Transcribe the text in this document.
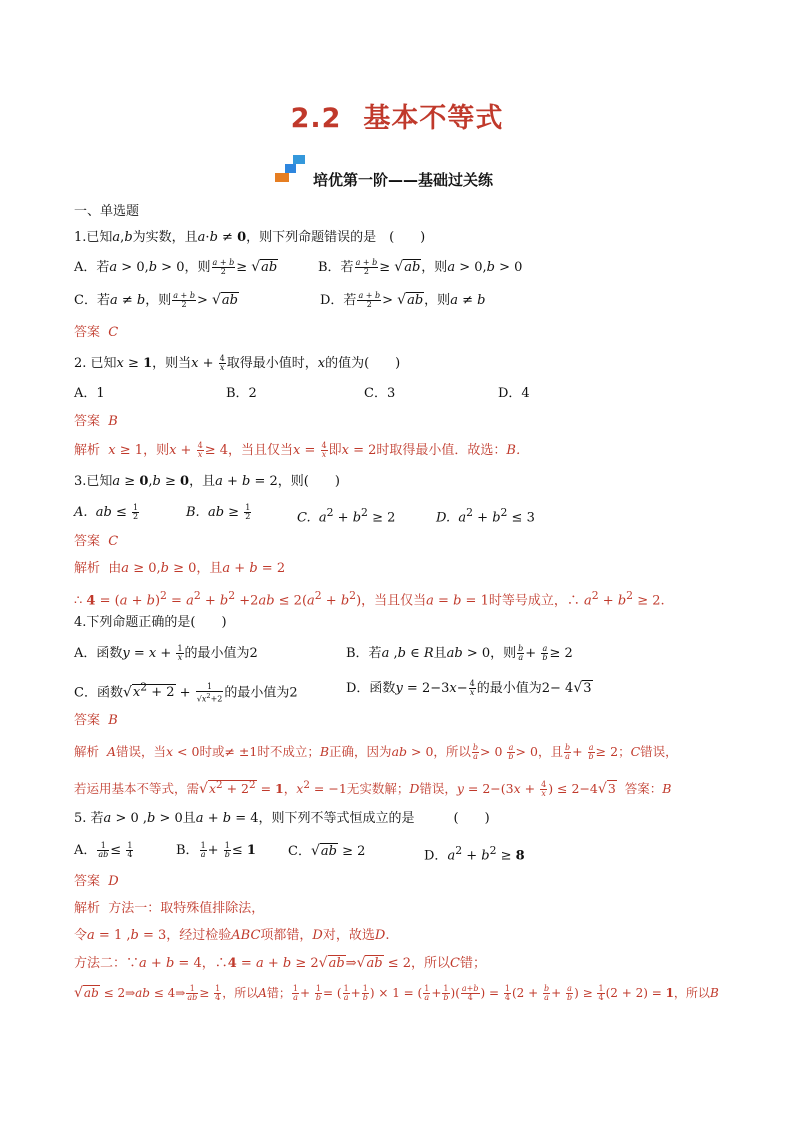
2.2 基本不等式
培优第一阶——基础过关练
一、单选题
1.已知a,b为实数，且a·b ≠ 0，则下列命题错误的是　(　　)
A．若a > 0,b > 0，则 $\frac{a + b}{2} \ge √ab$	B．若 $\frac{a + b}{2} \ge √ab$，则a > 0,b > 0
C．若a ≠ b，则 $\frac{a + b}{2} > √ab$	D．若 $\frac{a + b}{2} > √ab$，则a ≠ b
答案 C
2. 已知x ≥ 1，则当$x + \frac{4}{x}$ 取得最小值时，x的值为(　　)
A．1	B．2	C．3	D．4
答案 B
解析 x ≥ 1，则$x + \frac{4}{x} \ge 4$，当且仅当$x = \frac{4}{x}$ 即x = 2时取得最小值．故选：B．
3.已知a ≥ 0,b ≥ 0，且a + b = 2，则(　　)
A. ab ≤ $\frac{1}{2}$	B. ab ≥ $\frac{1}{2}$	C. $a^2 + b^2 \ge 2$	D. $a^2 + b^2 \le 3$
答案 C
解析 由a ≥ 0,b ≥ 0，且a + b = 2
∴ $4 = (a + b)^2 = a^2 + b^2 +2ab \le 2(a^2 + b^2)$，当且仅当a = b = 1时等号成立，∴ $a^2 + b^2 \ge 2$.
4.下列命题正确的是(　　)
A．函数$y = x + \frac{1}{x}$ 的最小值为2	B．若a ,b ∈ R且ab > 0，则 $\frac{b}{a} + \frac{a}{b} \ge 2$
C．函数$√x^2 + 2 + \frac{1}{√x^2+2}$ 的最小值为2	D．函数$y = 2-3x- \frac{4}{x}$ 的最小值为2− 4√3
答案 B
解析 A错误，当x < 0时或≠ ±1时不成立；B正确，因为ab > 0，所以 $\frac{b}{a} > 0 \frac{a}{b} > 0$，且 $\frac{b}{a} + \frac{a}{b} \ge 2$；C错误，
若运用基本不等式，需$√x^2 + 2^2 = 1$，$x^2 = -1$无实数解；D错误，$y = 2-(3x + \frac{4}{x}$ ) ≤ 2−4√3 答案：B
5. 若a > 0 ,b > 0且a + b = 4，则下列不等式恒成立的是　　　(　　)
A． $\frac{1}{ab} \le \frac{1}{4}$	B． $\frac{1}{a} + \frac{1}{b} \le 1$ C．√ab ≥ 2	D．$a^2 + b^2 \ge 8$
答案 D
解析 方法一：取特殊值排除法，
令a = 1 ,b = 3，经过检验ABC项都错，D对，故选D.
方法二：∵a + b = 4，∴4 = a + b ≥ 2√ab⇒√ab ≤ 2，所以C错；
√ab ≤ 2⇒ab ≤ 4⇒ $\frac{1}{ab} \ge \frac{1}{4}$ ，所以A错； $\frac{1}{a} + \frac{1}{b}$ = ( $\frac{1}{a} + \frac{1}{b}$ ) × 1 = ( $\frac{1}{a} + \frac{1}{b}$ )( $\frac{a+b}{4}$ ) = $\frac{1}{4} (2 + \frac{b}{a} + \frac{a}{b}$ ) ≥ $\frac{1}{4} (2 + 2) = 1$，所以B
